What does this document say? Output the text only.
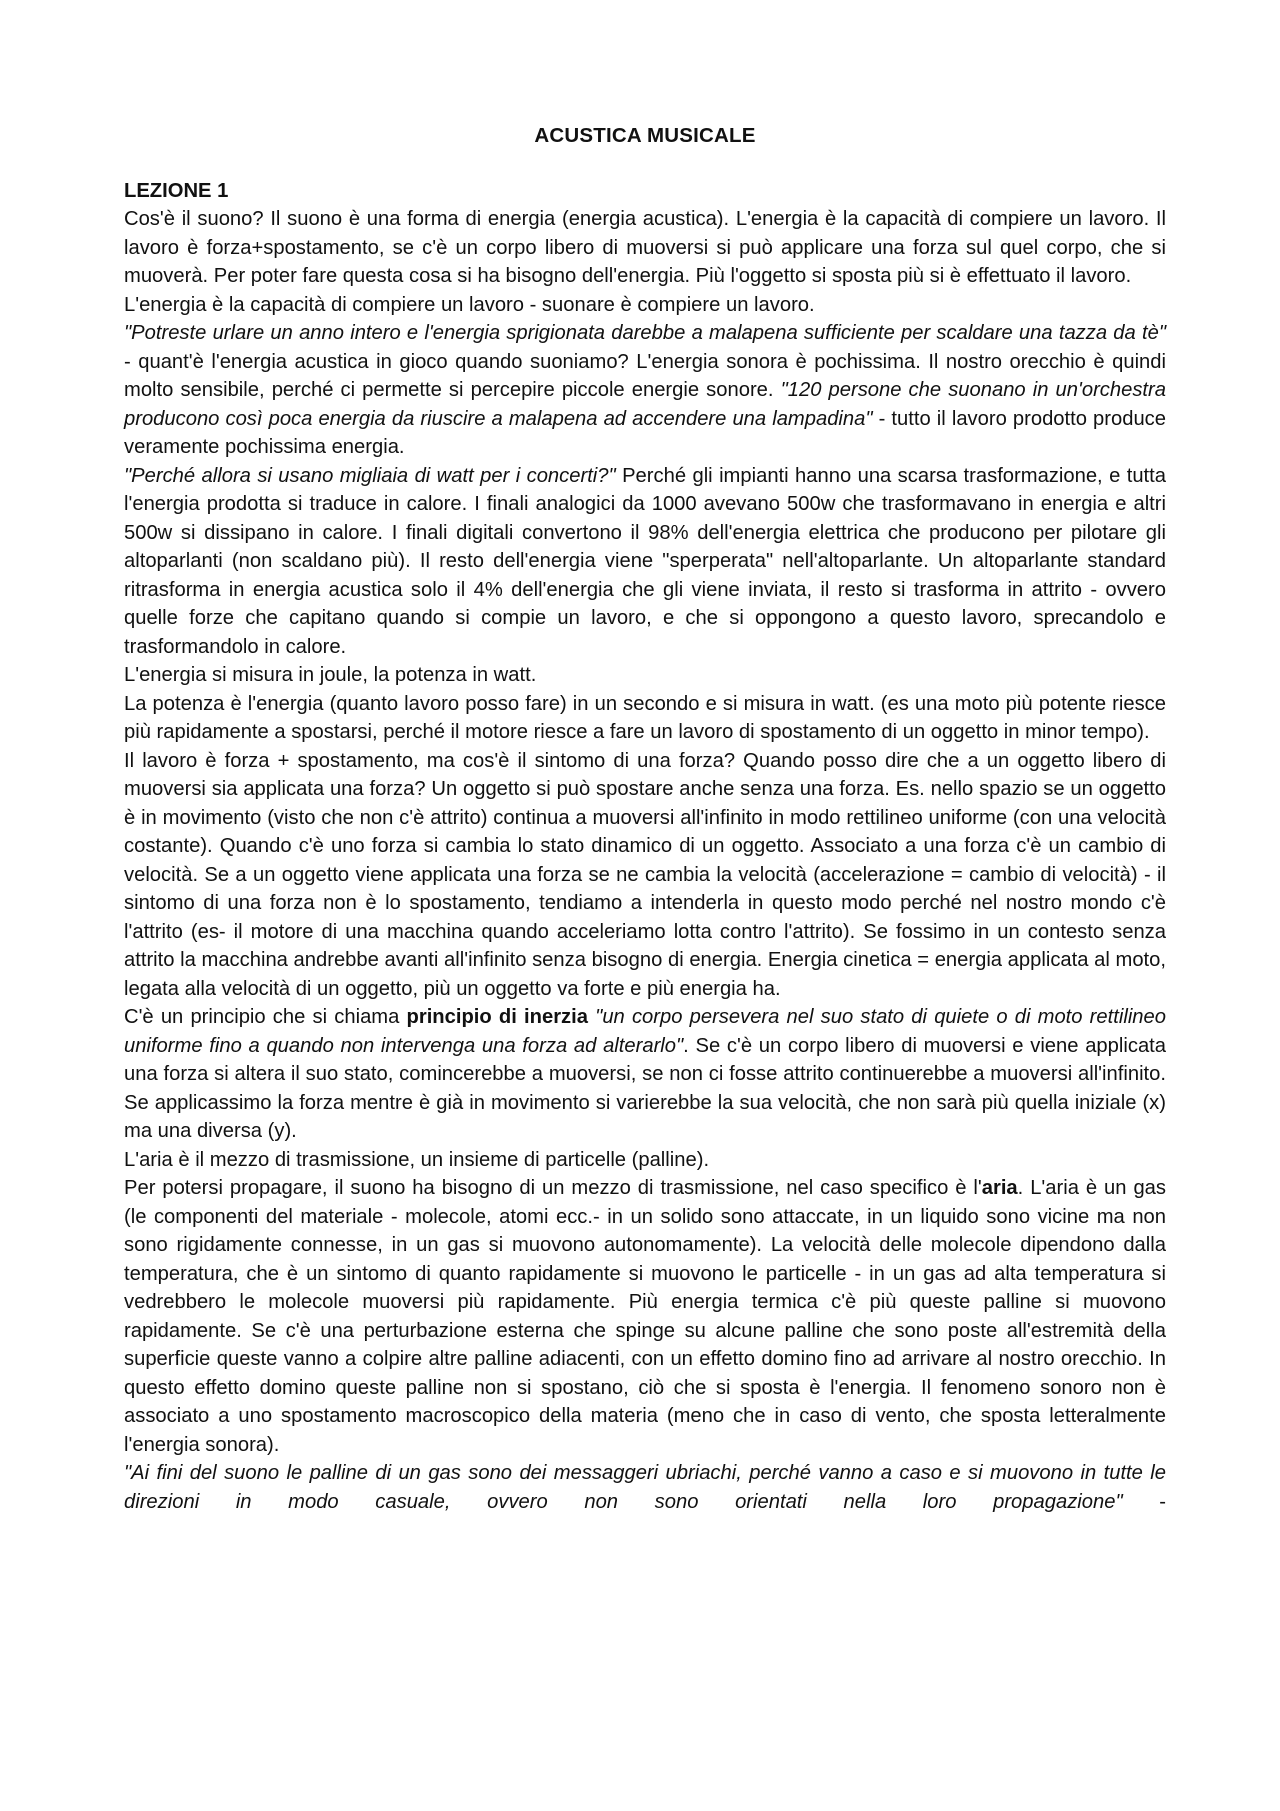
ACUSTICA MUSICALE

LEZIONE 1

Cos'è il suono? Il suono è una forma di energia (energia acustica). L'energia è la capacità di compiere un lavoro. Il lavoro è forza+spostamento, se c'è un corpo libero di muoversi si può applicare una forza sul quel corpo, che si muoverà. Per poter fare questa cosa si ha bisogno dell'energia. Più l'oggetto si sposta più si è effettuato il lavoro.

L'energia è la capacità di compiere un lavoro - suonare è compiere un lavoro.

"Potreste urlare un anno intero e l'energia sprigionata darebbe a malapena sufficiente per scaldare una tazza da tè" - quant'è l'energia acustica in gioco quando suoniamo? L'energia sonora è pochissima. Il nostro orecchio è quindi molto sensibile, perché ci permette si percepire piccole energie sonore. "120 persone che suonano in un'orchestra producono così poca energia da riuscire a malapena ad accendere una lampadina" - tutto il lavoro prodotto produce veramente pochissima energia.

"Perché allora si usano migliaia di watt per i concerti?" Perché gli impianti hanno una scarsa trasformazione, e tutta l'energia prodotta si traduce in calore. I finali analogici da 1000 avevano 500w che trasformavano in energia e altri 500w si dissipano in calore. I finali digitali convertono il 98% dell'energia elettrica che producono per pilotare gli altoparlanti (non scaldano più). Il resto dell'energia viene "sperperata" nell'altoparlante. Un altoparlante standard ritrasforma in energia acustica solo il 4% dell'energia che gli viene inviata, il resto si trasforma in attrito - ovvero quelle forze che capitano quando si compie un lavoro, e che si oppongono a questo lavoro, sprecandolo e trasformandolo in calore.

L'energia si misura in joule, la potenza in watt.

La potenza è l'energia (quanto lavoro posso fare) in un secondo e si misura in watt. (es una moto più potente riesce più rapidamente a spostarsi, perché il motore riesce a fare un lavoro di spostamento di un oggetto in minor tempo).

Il lavoro è forza + spostamento, ma cos'è il sintomo di una forza? Quando posso dire che a un oggetto libero di muoversi sia applicata una forza? Un oggetto si può spostare anche senza una forza. Es. nello spazio se un oggetto è in movimento (visto che non c'è attrito) continua a muoversi all'infinito in modo rettilineo uniforme (con una velocità costante). Quando c'è uno forza si cambia lo stato dinamico di un oggetto. Associato a una forza c'è un cambio di velocità. Se a un oggetto viene applicata una forza se ne cambia la velocità (accelerazione = cambio di velocità) - il sintomo di una forza non è lo spostamento, tendiamo a intenderla in questo modo perché nel nostro mondo c'è l'attrito (es- il motore di una macchina quando acceleriamo lotta contro l'attrito). Se fossimo in un contesto senza attrito la macchina andrebbe avanti all'infinito senza bisogno di energia. Energia cinetica = energia applicata al moto, legata alla velocità di un oggetto, più un oggetto va forte e più energia ha.

C'è un principio che si chiama principio di inerzia "un corpo persevera nel suo stato di quiete o di moto rettilineo uniforme fino a quando non intervenga una forza ad alterarlo". Se c'è un corpo libero di muoversi e viene applicata una forza si altera il suo stato, comincerebbe a muoversi, se non ci fosse attrito continuerebbe a muoversi all'infinito. Se applicassimo la forza mentre è già in movimento si varierebbe la sua velocità, che non sarà più quella iniziale (x) ma una diversa (y).

L'aria è il mezzo di trasmissione, un insieme di particelle (palline).

Per potersi propagare, il suono ha bisogno di un mezzo di trasmissione, nel caso specifico è l'aria. L'aria è un gas (le componenti del materiale - molecole, atomi ecc.- in un solido sono attaccate, in un liquido sono vicine ma non sono rigidamente connesse, in un gas si muovono autonomamente). La velocità delle molecole dipendono dalla temperatura, che è un sintomo di quanto rapidamente si muovono le particelle - in un gas ad alta temperatura si vedrebbero le molecole muoversi più rapidamente. Più energia termica c'è più queste palline si muovono rapidamente. Se c'è una perturbazione esterna che spinge su alcune palline che sono poste all'estremità della superficie queste vanno a colpire altre palline adiacenti, con un effetto domino fino ad arrivare al nostro orecchio. In questo effetto domino queste palline non si spostano, ciò che si sposta è l'energia. Il fenomeno sonoro non è associato a uno spostamento macroscopico della materia (meno che in caso di vento, che sposta letteralmente l'energia sonora).

"Ai fini del suono le palline di un gas sono dei messaggeri ubriachi, perché vanno a caso e si muovono in tutte le direzioni in modo casuale, ovvero non sono orientati nella loro propagazione" -
